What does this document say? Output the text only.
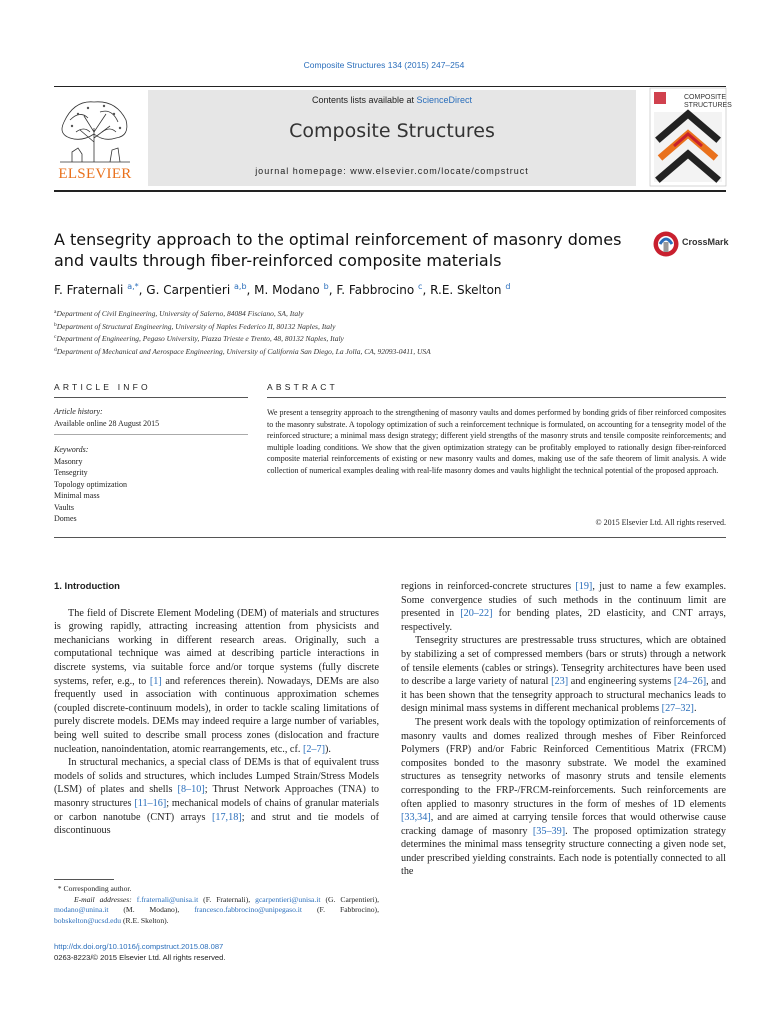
Composite Structures 134 (2015) 247–254
ELSEVIER
Contents lists available at ScienceDirect
Composite Structures
journal homepage: www.elsevier.com/locate/compstruct
COMPOSITE
STRUCTURES
A tensegrity approach to the optimal reinforcement of masonry domes
and vaults through fiber-reinforced composite materials
CrossMark
F. Fraternali $^{a,*}$, G. Carpentieri $^{a,b}$, M. Modano $^b$, F. Fabbrocino $^c$, R.E. Skelton $^d$
$^a$Department of Civil Engineering, University of Salerno, 84084 Fisciano, SA, Italy
$^b$Department of Structural Engineering, University of Naples Federico II, 80132 Naples, Italy
$^c$Department of Engineering, Pegaso University, Piazza Trieste e Trento, 48, 80132 Naples, Italy
$^d$Department of Mechanical and Aerospace Engineering, University of California San Diego, La Jolla, CA, 92093-0411, USA
ARTICLE INFO	ABSTRACT
Article history:
Available online 28 August 2015
Keywords:
Masonry
Tensegrity
Topology optimization
Minimal mass
Vaults
Domes
We present a tensegrity approach to the strengthening of masonry vaults and domes performed by bonding grids of fiber reinforced composites to the masonry substrate. A topology optimization of such a reinforcement technique is formulated, on accounting for a tensegrity model of the reinforced structure; a minimal mass design strategy; different yield strengths of the masonry struts and tensile composite reinforcements; and multiple loading conditions. We show that the given optimization strategy can be profitably employed to rationally design fiber-reinforced composite material reinforcements of existing or new masonry vaults and domes, making use of the safe theorem of limit analysis. A wide collection of numerical examples dealing with real-life masonry domes and vaults highlight the technical potential of the proposed approach.
© 2015 Elsevier Ltd. All rights reserved.
1. Introduction

The field of Discrete Element Modeling (DEM) of materials and structures is growing rapidly, attracting increasing attention from physicists and mechanicians working in different research areas. Originally, such a computational technique was aimed at describing particle interactions in discrete systems, via suitable force and/or torque systems (fully discrete systems, refer, e.g., to [1] and references therein). Nowadays, DEMs are also frequently used in association with continuous approximation schemes (coupled discrete-continuum models), in order to tackle scaling limitations of purely discrete models. DEMs may indeed require a large number of variables, being well suited to describe small process zones (dislocation and fracture nucleation, nanoindentation, atomic rearrangements, etc., cf. [2–7]).

In structural mechanics, a special class of DEMs is that of equivalent truss models of solids and structures, which includes Lumped Strain/Stress Models (LSM) of plates and shells [8–10]; Thrust Network Approaches (TNA) to masonry structures [11–16]; mechanical models of chains of granular materials or carbon nanotube (CNT) arrays [17,18]; and strut and tie models of discontinuous

regions in reinforced-concrete structures [19], just to name a few examples. Some convergence studies of such methods in the continuum limit are presented in [20–22] for bending plates, 2D elasticity, and CNT arrays, respectively.

Tensegrity structures are prestressable truss structures, which are obtained by stabilizing a set of compressed members (bars or struts) through a network of tensile elements (cables or strings). Tensegrity architectures have been used to describe a large variety of natural [23] and engineering systems [24–26], and it has been shown that the tensegrity approach to structural mechanics leads to design minimal mass systems in different mechanical problems [27–32].

The present work deals with the topology optimization of reinforcements of masonry vaults and domes realized through meshes of Fiber Reinforced Polymers (FRP) and/or Fabric Reinforced Cementitious Matrix (FRCM) composites bonded to the masonry substrate. We model the examined structures as tensegrity networks of masonry struts and tensile elements corresponding to the FRP-/FRCM-reinforcements. Such reinforcements are often applied to masonry structures in the form of meshes of 1D elements [33,34], and are aimed at carrying tensile forces that would otherwise cause cracking damage of masonry [35–39]. The proposed optimization strategy determines the minimal mass tensegrity structure connecting a given node set, under prescribed yielding constraints. Each node is potentially connected to all the

* Corresponding author.
E-mail addresses: f.fraternali@unisa.it (F. Fraternali), gcarpentieri@unisa.it (G. Carpentieri), modano@unina.it (M. Modano), francesco.fabbrocino@unipegaso.it (F. Fabbrocino), bobskelton@ucsd.edu (R.E. Skelton).
http://dx.doi.org/10.1016/j.compstruct.2015.08.087
0263-8223/© 2015 Elsevier Ltd. All rights reserved.
